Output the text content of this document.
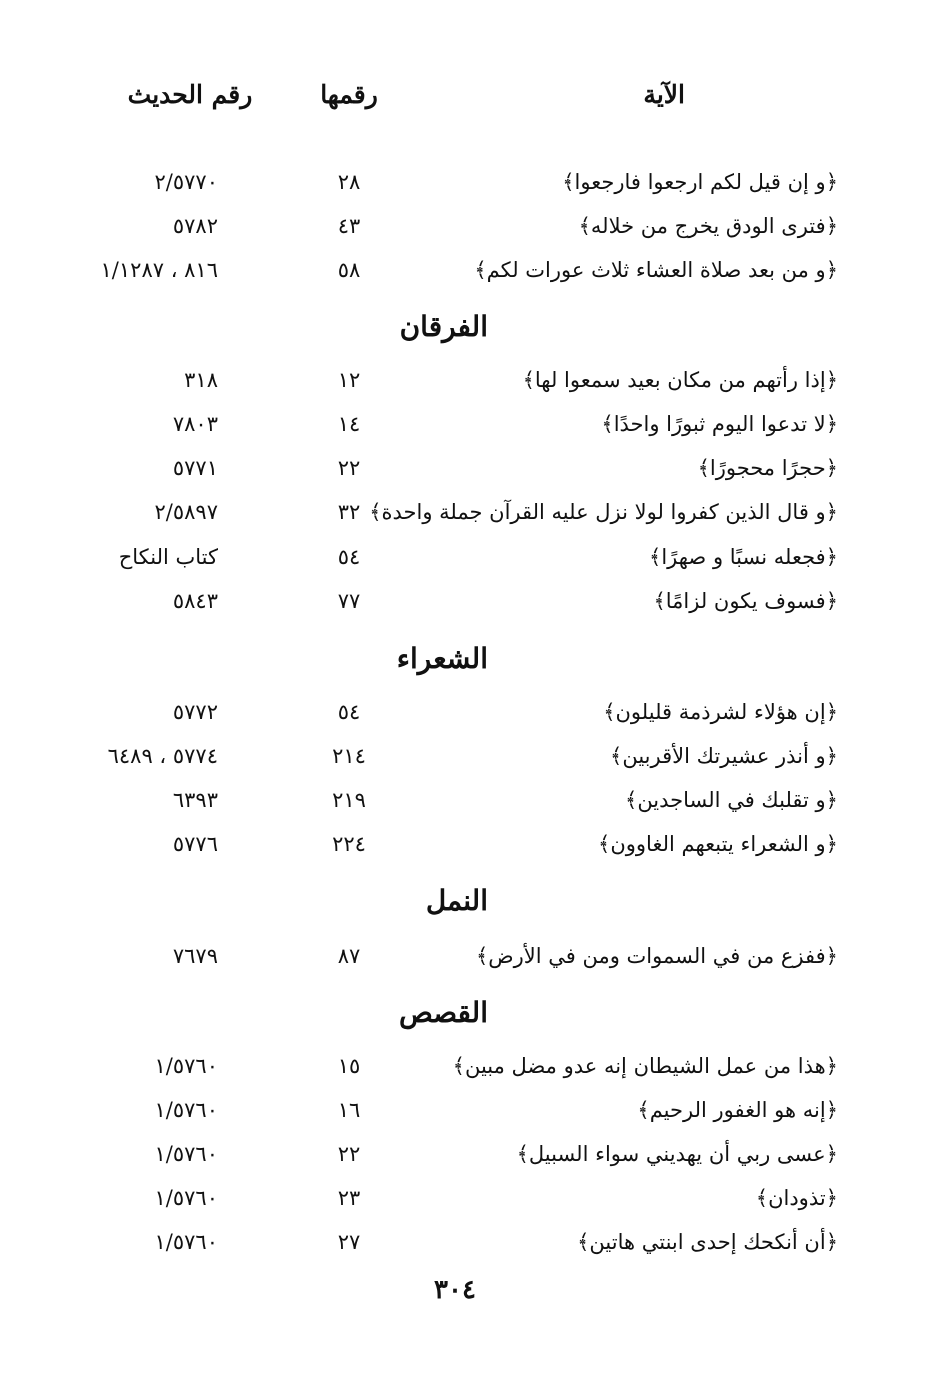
الآية
رقمها
رقم الحديث
﴿و إن قيل لكم ارجعوا فارجعوا﴾
٢٨
٢/٥٧٧٠
﴿فترى الودق يخرج من خلاله﴾
٤٣
٥٧٨٢
﴿و من بعد صلاة العشاء ثلاث عورات لكم﴾
٥٨
٨١٦ ، ١/١٢٨٧
الفرقان
﴿إذا رأتهم من مكان بعيد سمعوا لها﴾
١٢
٣١٨
﴿لا تدعوا اليوم ثبورًا واحدًا﴾
١٤
٧٨٠٣
﴿حجرًا محجورًا﴾
٢٢
٥٧٧١
﴿و قال الذين كفروا لولا نزل عليه القرآن جملة واحدة﴾
٣٢
٢/٥٨٩٧
﴿فجعله نسبًا و صهرًا﴾
٥٤
كتاب النكاح
﴿فسوف يكون لزامًا﴾
٧٧
٥٨٤٣
الشعراء
﴿إن هؤلاء لشرذمة قليلون﴾
٥٤
٥٧٧٢
﴿و أنذر عشيرتك الأقربين﴾
٢١٤
٥٧٧٤ ، ٦٤٨٩
﴿و تقلبك في الساجدين﴾
٢١٩
٦٣٩٣
﴿و الشعراء يتبعهم الغاوون﴾
٢٢٤
٥٧٧٦
النمل
﴿ففزع من في السموات ومن في الأرض﴾
٨٧
٧٦٧٩
القصص
﴿هذا من عمل الشيطان إنه عدو مضل مبين﴾
١٥
١/٥٧٦٠
﴿إنه هو الغفور الرحيم﴾
١٦
١/٥٧٦٠
﴿عسى ربي أن يهديني سواء السبيل﴾
٢٢
١/٥٧٦٠
﴿تذودان﴾
٢٣
١/٥٧٦٠
﴿أن أنكحك إحدى ابنتي هاتين﴾
٢٧
١/٥٧٦٠
٣٠٤
